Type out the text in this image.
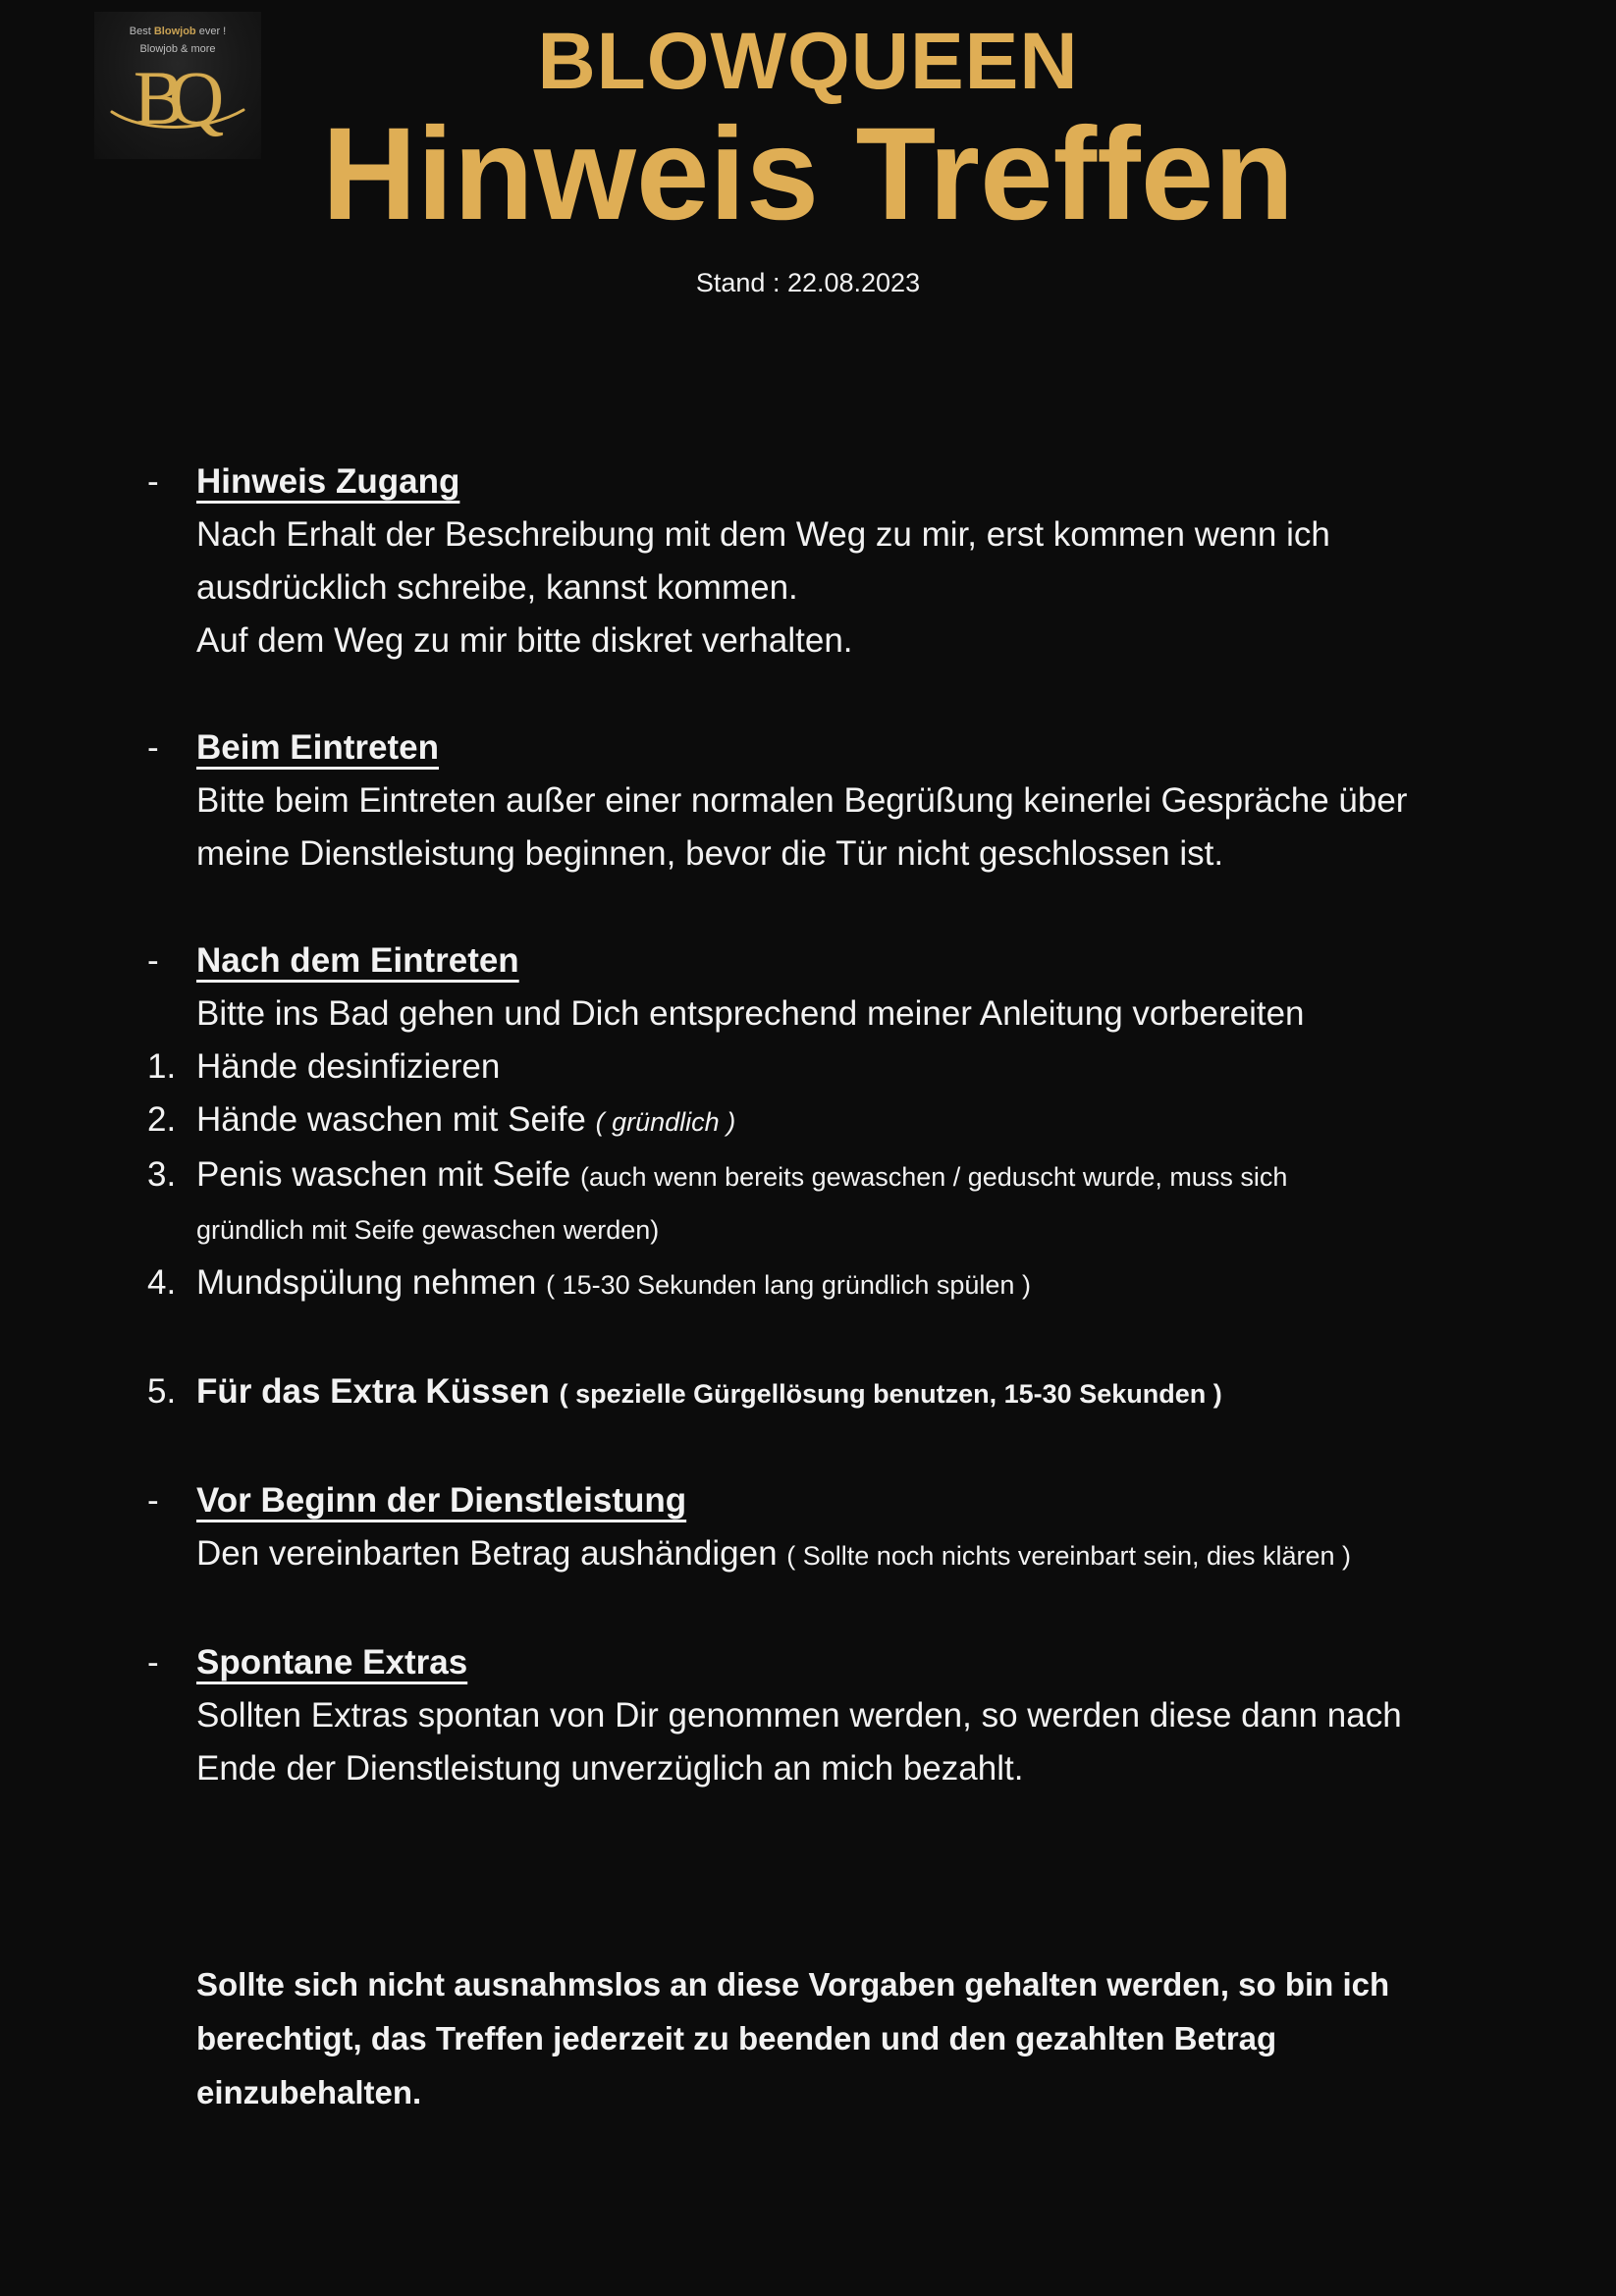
Best Blowjob ever !
Blowjob & more
BQ	BLOWQUEEN
Hinweis Treffen
Stand : 22.08.2023
-	Hinweis Zugang
Nach Erhalt der Beschreibung mit dem Weg zu mir, erst kommen wenn ich
ausdrücklich schreibe, kannst kommen.
Auf dem Weg zu mir bitte diskret verhalten.
-	Beim Eintreten
Bitte beim Eintreten außer einer normalen Begrüßung keinerlei Gespräche über
meine Dienstleistung beginnen, bevor die Tür nicht geschlossen ist.
-	Nach dem Eintreten
Bitte ins Bad gehen und Dich entsprechend meiner Anleitung vorbereiten
1. Hände desinfizieren
2. Hände waschen mit Seife ( gründlich )
3. Penis waschen mit Seife (auch wenn bereits gewaschen / geduscht wurde, muss sich
gründlich mit Seife gewaschen werden)
4. Mundspülung nehmen ( 15-30 Sekunden lang gründlich spülen )
5. Für das Extra Küssen ( spezielle Gürgellösung benutzen, 15-30 Sekunden )
-	Vor Beginn der Dienstleistung
Den vereinbarten Betrag aushändigen ( Sollte noch nichts vereinbart sein, dies klären )
-	Spontane Extras
Sollten Extras spontan von Dir genommen werden, so werden diese dann nach
Ende der Dienstleistung unverzüglich an mich bezahlt.
Sollte sich nicht ausnahmslos an diese Vorgaben gehalten werden, so bin ich
berechtigt, das Treffen jederzeit zu beenden und den gezahlten Betrag
einzubehalten.
